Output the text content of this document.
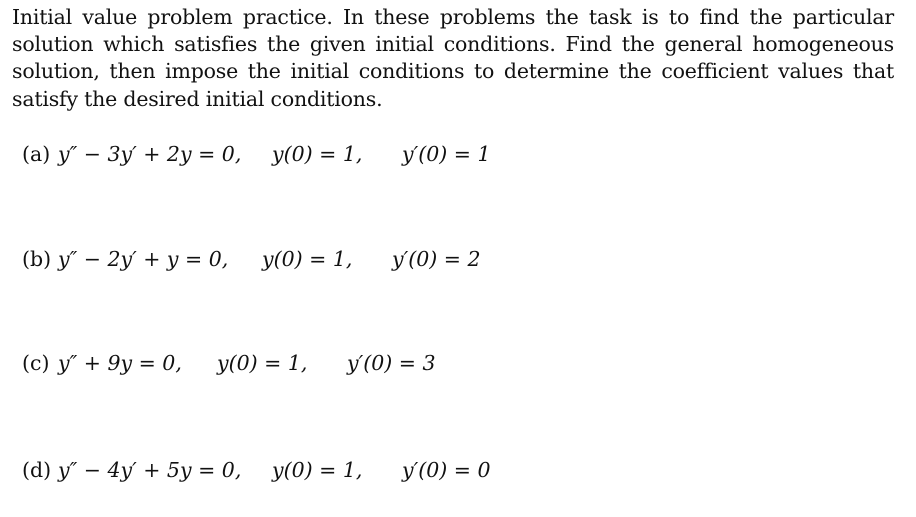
Initial value problem practice. In these problems the task is to find the particular solution which satisfies the given initial conditions. Find the general homogeneous solution, then impose the initial conditions to determine the coefficient values that satisfy the desired initial conditions.

(a) y″ − 3y′ + 2y = 0, y(0) = 1, y′(0) = 1
(b) y″ − 2y′ + y = 0, y(0) = 1, y′(0) = 2
(c) y″ + 9y = 0, y(0) = 1, y′(0) = 3
(d) y″ − 4y′ + 5y = 0, y(0) = 1, y′(0) = 0
